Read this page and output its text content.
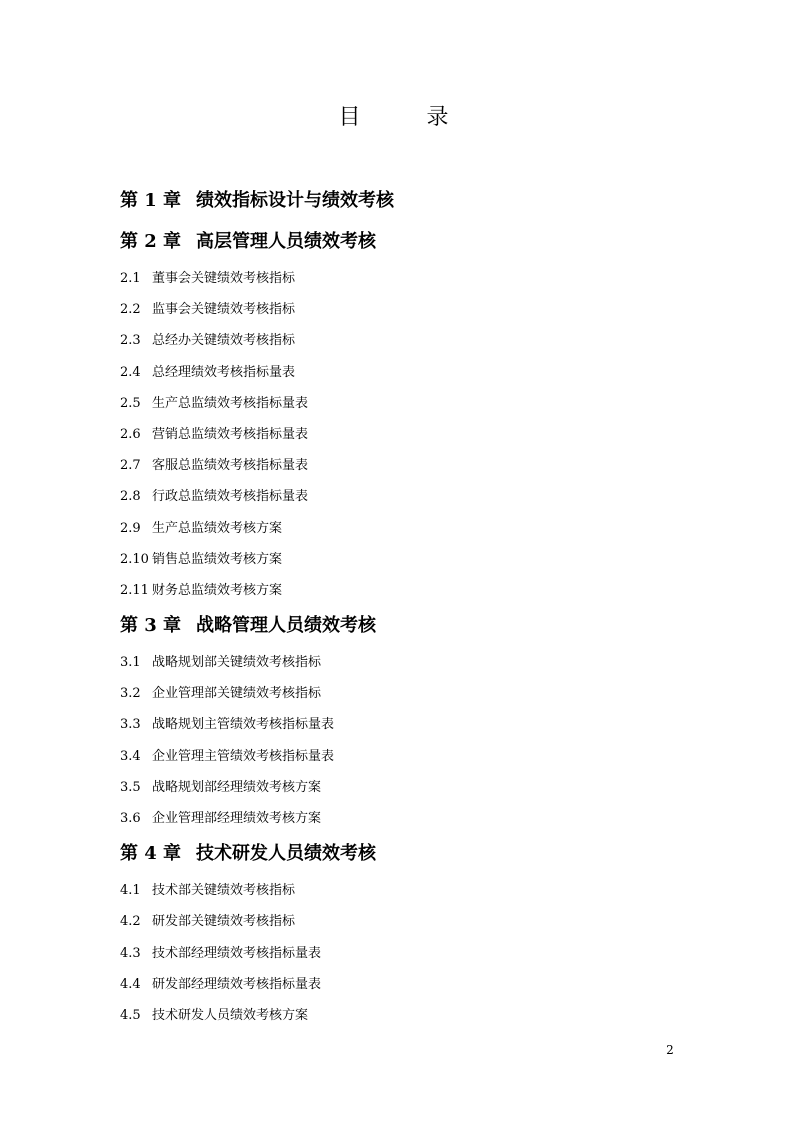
目　录
第 1 章 绩效指标设计与绩效考核
第 2 章 高层管理人员绩效考核
2.1 董事会关键绩效考核指标
2.2 监事会关键绩效考核指标
2.3 总经办关键绩效考核指标
2.4 总经理绩效考核指标量表
2.5 生产总监绩效考核指标量表
2.6 营销总监绩效考核指标量表
2.7 客服总监绩效考核指标量表
2.8 行政总监绩效考核指标量表
2.9 生产总监绩效考核方案
2.10 销售总监绩效考核方案
2.11 财务总监绩效考核方案
第 3 章 战略管理人员绩效考核
3.1 战略规划部关键绩效考核指标
3.2 企业管理部关键绩效考核指标
3.3 战略规划主管绩效考核指标量表
3.4 企业管理主管绩效考核指标量表
3.5 战略规划部经理绩效考核方案
3.6 企业管理部经理绩效考核方案
第 4 章 技术研发人员绩效考核
4.1 技术部关键绩效考核指标
4.2 研发部关键绩效考核指标
4.3 技术部经理绩效考核指标量表
4.4 研发部经理绩效考核指标量表
4.5 技术研发人员绩效考核方案
2
